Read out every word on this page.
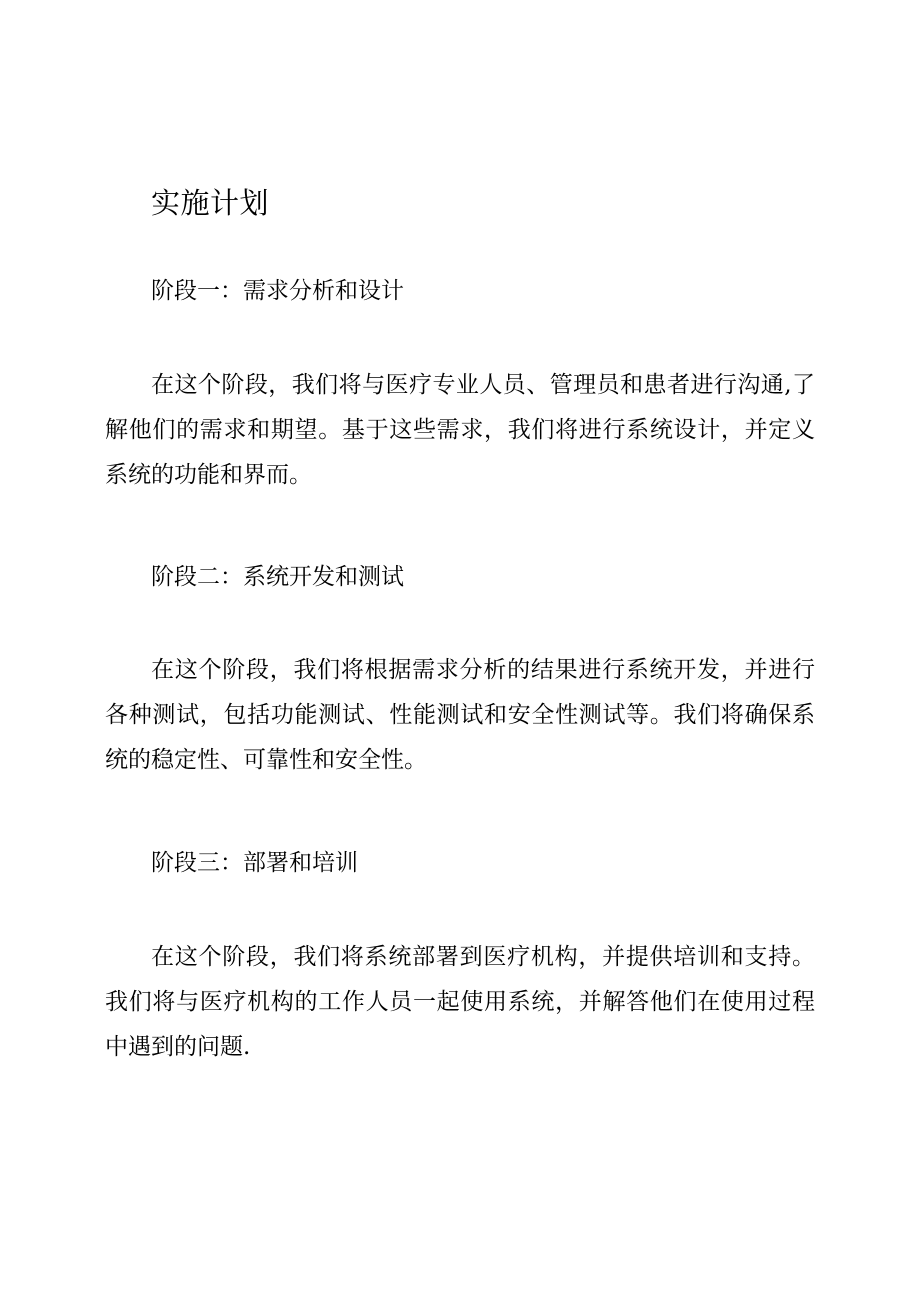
实施计划
阶段一：需求分析和设计

在这个阶段，我们将与医疗专业人员、管理员和患者进行沟通,了解他们的需求和期望。基于这些需求，我们将进行系统设计，并定义系统的功能和界而。

阶段二：系统开发和测试

在这个阶段，我们将根据需求分析的结果进行系统开发，并进行各种测试，包括功能测试、性能测试和安全性测试等。我们将确保系统的稳定性、可靠性和安全性。

阶段三：部署和培训

在这个阶段，我们将系统部署到医疗机构，并提供培训和支持。我们将与医疗机构的工作人员一起使用系统，并解答他们在使用过程中遇到的问题.
